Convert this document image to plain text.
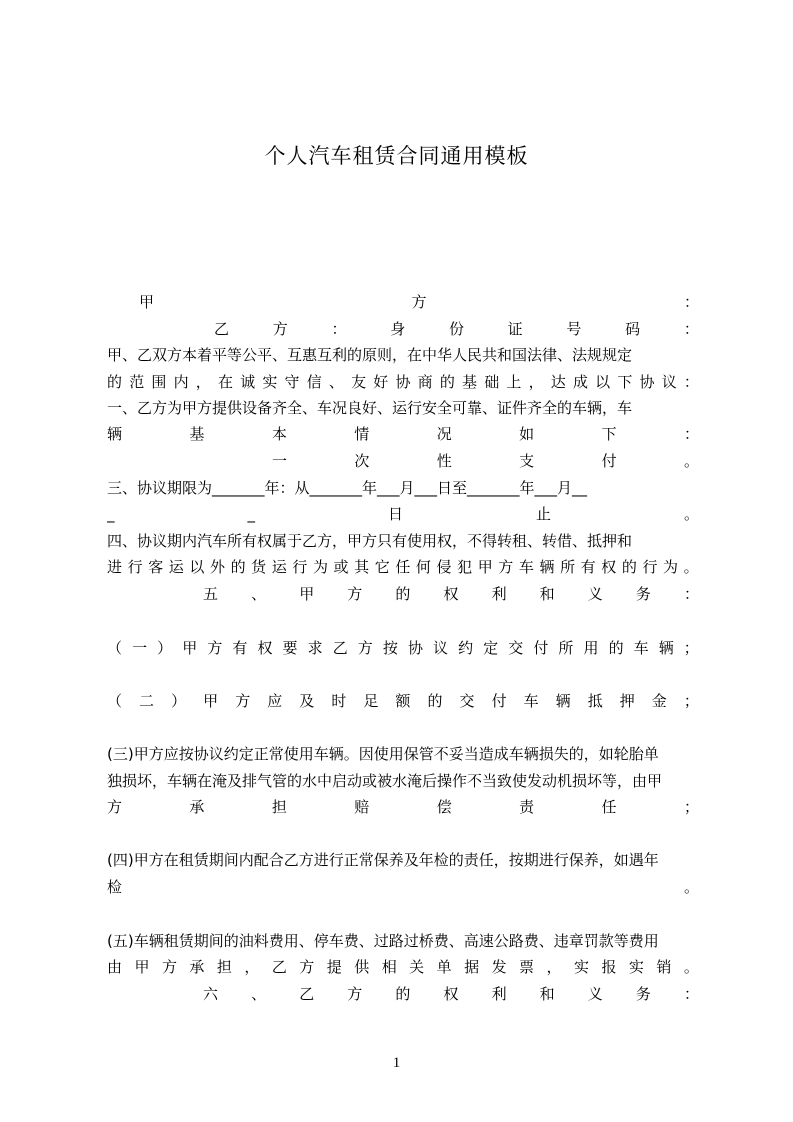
个人汽车租赁合同通用模板
甲	方	：
乙	方	：	身	份	证	号	码	：
甲、乙双方本着平等公平、互惠互利的原则，在中华人民共和国法律、法规规定
的 范 围 内 ， 在 诚 实 守 信 、 友 好 协 商 的 基 础 上 ， 达 成 以 下 协 议 ：
一、乙方为甲方提供设备齐全、车况良好、运行安全可靠、证件齐全的车辆，车
辆	基	本	情	况	如	下	：
一	次	性	支	付	。
三、协议期限为_______年：从_______年___月___日至_______年___月__
_	_	日	止	。
四、协议期内汽车所有权属于乙方，甲方只有使用权，不得转租、转借、抵押和
进 行 客 运 以 外 的 货 运 行 为 或 其 它 任 何 侵 犯 甲 方 车 辆 所 有 权 的 行 为 。
五 、 甲 方 的 权 利 和 义 务 ：
（ 一 ） 甲 方 有 权 要 求 乙 方 按 协 议 约 定 交 付 所 用 的 车 辆 ；
（ 二 ） 甲 方 应 及 时 足 额 的 交 付 车 辆 抵 押 金 ；
(三)甲方应按协议约定正常使用车辆。因使用保管不妥当造成车辆损失的，如轮胎单
独损坏，车辆在淹及排气管的水中启动或被水淹后操作不当致使发动机损坏等，由甲
方	承	担	赔	偿	责	任	；
(四)甲方在租赁期间内配合乙方进行正常保养及年检的责任，按期进行保养，如遇年
检	。
(五)车辆租赁期间的油料费用、停车费、过路过桥费、高速公路费、违章罚款等费用
由 甲 方 承 担 ， 乙 方 提 供 相 关 单 据 发 票 ， 实 报 实 销 。
六 、 乙 方 的 权 利 和 义 务 ：
1
